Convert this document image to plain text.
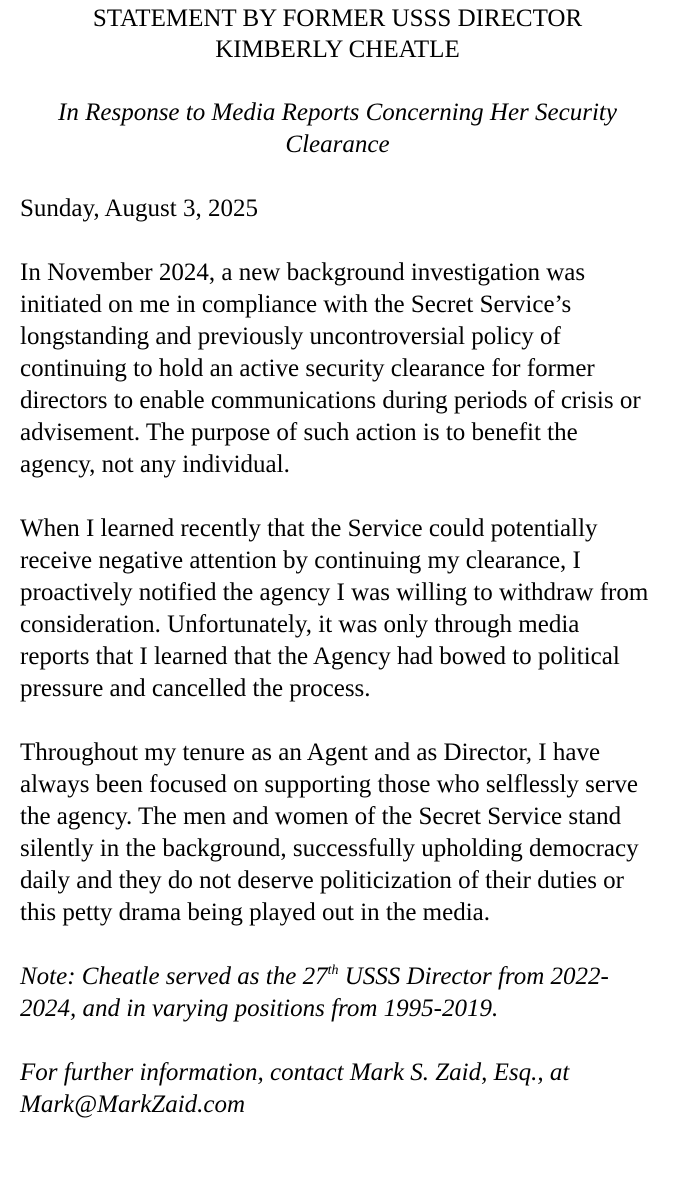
STATEMENT BY FORMER USSS DIRECTOR
KIMBERLY CHEATLE

In Response to Media Reports Concerning Her Security Clearance

Sunday, August 3, 2025

In November 2024, a new background investigation was initiated on me in compliance with the Secret Service’s longstanding and previously uncontroversial policy of continuing to hold an active security clearance for former directors to enable communications during periods of crisis or advisement. The purpose of such action is to benefit the agency, not any individual.

When I learned recently that the Service could potentially receive negative attention by continuing my clearance, I proactively notified the agency I was willing to withdraw from consideration. Unfortunately, it was only through media reports that I learned that the Agency had bowed to political pressure and cancelled the process.

Throughout my tenure as an Agent and as Director, I have always been focused on supporting those who selflessly serve the agency. The men and women of the Secret Service stand silently in the background, successfully upholding democracy daily and they do not deserve politicization of their duties or this petty drama being played out in the media.

Note: Cheatle served as the 27th USSS Director from 2022-2024, and in varying positions from 1995-2019.

For further information, contact Mark S. Zaid, Esq., at Mark@MarkZaid.com
